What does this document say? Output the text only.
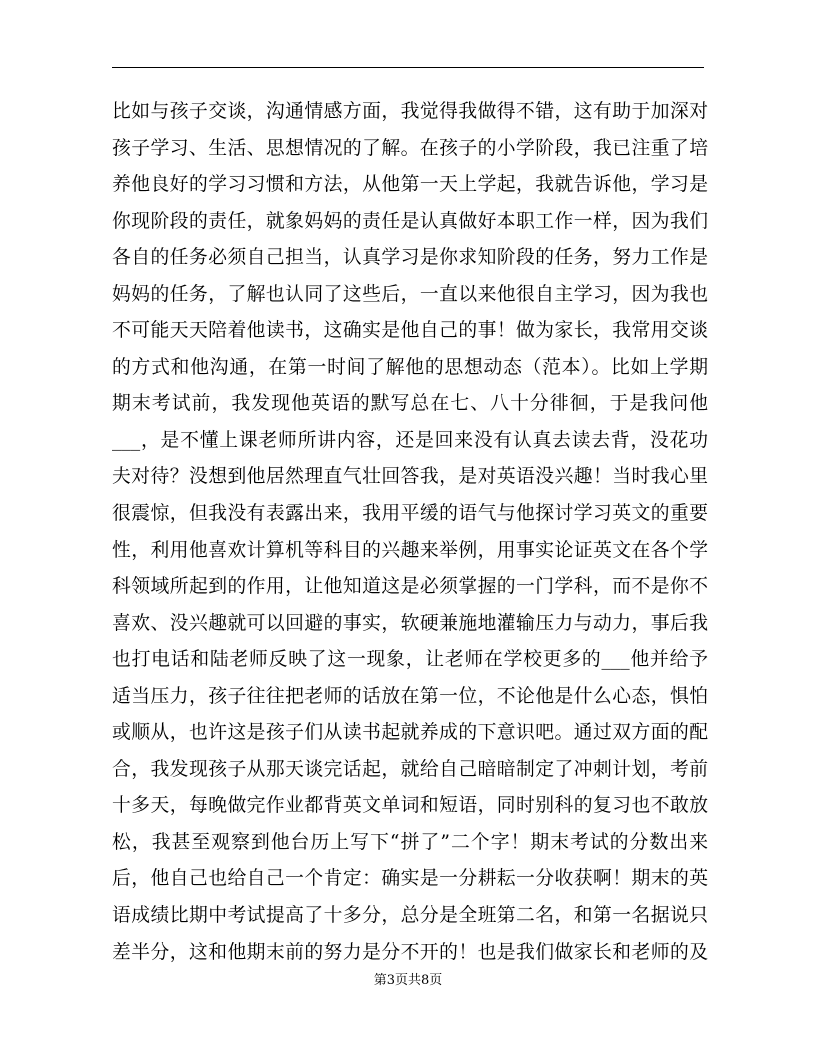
比如与孩子交谈，沟通情感方面，我觉得我做得不错，这有助于加深对
孩子学习、生活、思想情况的了解。在孩子的小学阶段，我已注重了培
养他良好的学习习惯和方法，从他第一天上学起，我就告诉他，学习是
你现阶段的责任，就象妈妈的责任是认真做好本职工作一样，因为我们
各自的任务必须自己担当，认真学习是你求知阶段的任务，努力工作是
妈妈的任务，了解也认同了这些后，一直以来他很自主学习，因为我也
不可能天天陪着他读书，这确实是他自己的事！做为家长，我常用交谈
的方式和他沟通，在第一时间了解他的思想动态（范本）。比如上学期
期末考试前，我发现他英语的默写总在七、八十分徘徊，于是我问他
___，是不懂上课老师所讲内容，还是回来没有认真去读去背，没花功
夫对待？没想到他居然理直气壮回答我，是对英语没兴趣！当时我心里
很震惊，但我没有表露出来，我用平缓的语气与他探讨学习英文的重要
性，利用他喜欢计算机等科目的兴趣来举例，用事实论证英文在各个学
科领域所起到的作用，让他知道这是必须掌握的一门学科，而不是你不
喜欢、没兴趣就可以回避的事实，软硬兼施地灌输压力与动力，事后我
也打电话和陆老师反映了这一现象，让老师在学校更多的___他并给予
适当压力，孩子往往把老师的话放在第一位，不论他是什么心态，惧怕
或顺从，也许这是孩子们从读书起就养成的下意识吧。通过双方面的配
合，我发现孩子从那天谈完话起，就给自己暗暗制定了冲刺计划，考前
十多天，每晚做完作业都背英文单词和短语，同时别科的复习也不敢放
松，我甚至观察到他台历上写下“拼了”二个字！期末考试的分数出来
后，他自己也给自己一个肯定：确实是一分耕耘一分收获啊！期末的英
语成绩比期中考试提高了十多分，总分是全班第二名，和第一名据说只
差半分，这和他期末前的努力是分不开的！也是我们做家长和老师的及
第3页共8页
